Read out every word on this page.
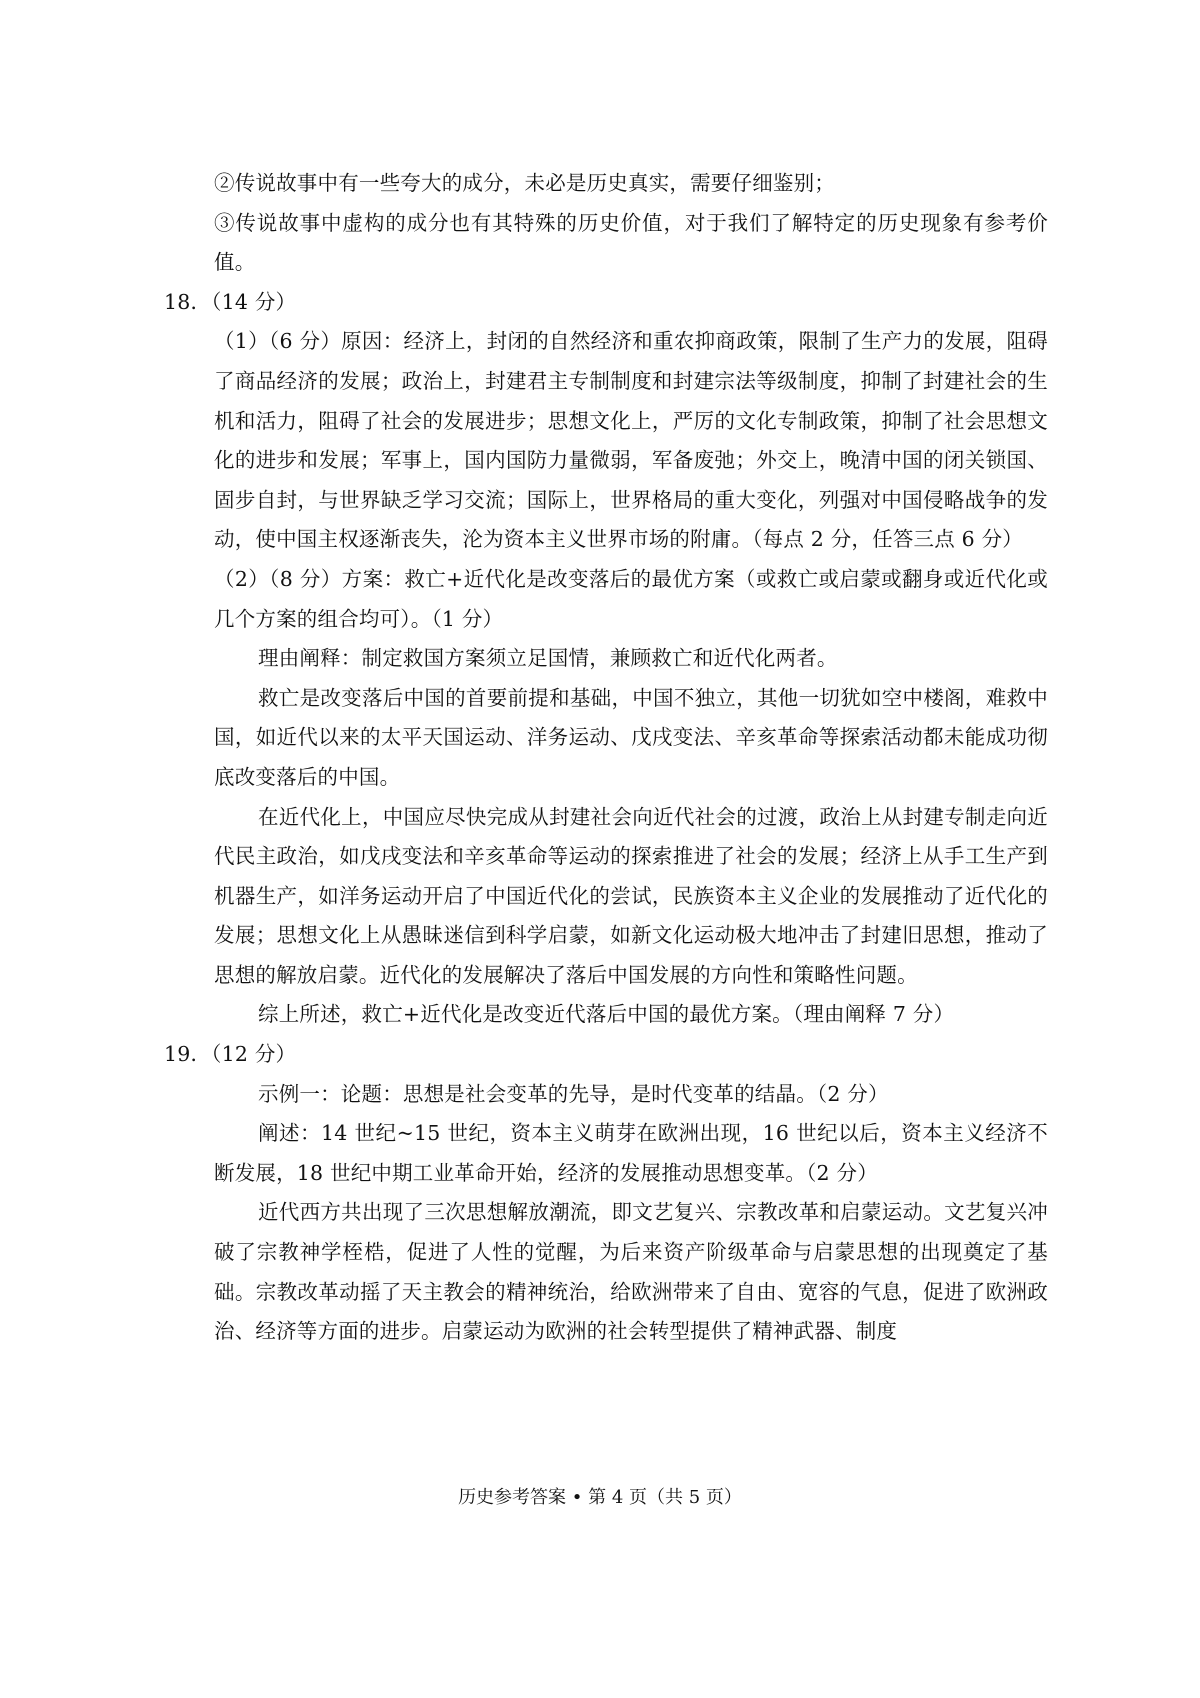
②传说故事中有一些夸大的成分，未必是历史真实，需要仔细鉴别；

③传说故事中虚构的成分也有其特殊的历史价值，对于我们了解特定的历史现象有参考价值。

18．（14 分）

（1）（6 分）原因：经济上，封闭的自然经济和重农抑商政策，限制了生产力的发展，阻碍了商品经济的发展；政治上，封建君主专制制度和封建宗法等级制度，抑制了封建社会的生机和活力，阻碍了社会的发展进步；思想文化上，严厉的文化专制政策，抑制了社会思想文化的进步和发展；军事上，国内国防力量微弱，军备废弛；外交上，晚清中国的闭关锁国、固步自封，与世界缺乏学习交流；国际上，世界格局的重大变化，列强对中国侵略战争的发动，使中国主权逐渐丧失，沦为资本主义世界市场的附庸。（每点 2 分，任答三点 6 分）

（2）（8 分）方案：救亡+近代化是改变落后的最优方案（或救亡或启蒙或翻身或近代化或几个方案的组合均可）。（1 分）

理由阐释：制定救国方案须立足国情，兼顾救亡和近代化两者。

救亡是改变落后中国的首要前提和基础，中国不独立，其他一切犹如空中楼阁，难救中国，如近代以来的太平天国运动、洋务运动、戊戌变法、辛亥革命等探索活动都未能成功彻底改变落后的中国。

在近代化上，中国应尽快完成从封建社会向近代社会的过渡，政治上从封建专制走向近代民主政治，如戊戌变法和辛亥革命等运动的探索推进了社会的发展；经济上从手工生产到机器生产，如洋务运动开启了中国近代化的尝试，民族资本主义企业的发展推动了近代化的发展；思想文化上从愚昧迷信到科学启蒙，如新文化运动极大地冲击了封建旧思想，推动了思想的解放启蒙。近代化的发展解决了落后中国发展的方向性和策略性问题。

综上所述，救亡+近代化是改变近代落后中国的最优方案。（理由阐释 7 分）

19．（12 分）

示例一：论题：思想是社会变革的先导，是时代变革的结晶。（2 分）

阐述：14 世纪~15 世纪，资本主义萌芽在欧洲出现，16 世纪以后，资本主义经济不断发展，18 世纪中期工业革命开始，经济的发展推动思想变革。（2 分）

近代西方共出现了三次思想解放潮流，即文艺复兴、宗教改革和启蒙运动。文艺复兴冲破了宗教神学桎梏，促进了人性的觉醒，为后来资产阶级革命与启蒙思想的出现奠定了基础。宗教改革动摇了天主教会的精神统治，给欧洲带来了自由、宽容的气息，促进了欧洲政治、经济等方面的进步。启蒙运动为欧洲的社会转型提供了精神武器、制度

历史参考答案 • 第 4 页（共 5 页）
